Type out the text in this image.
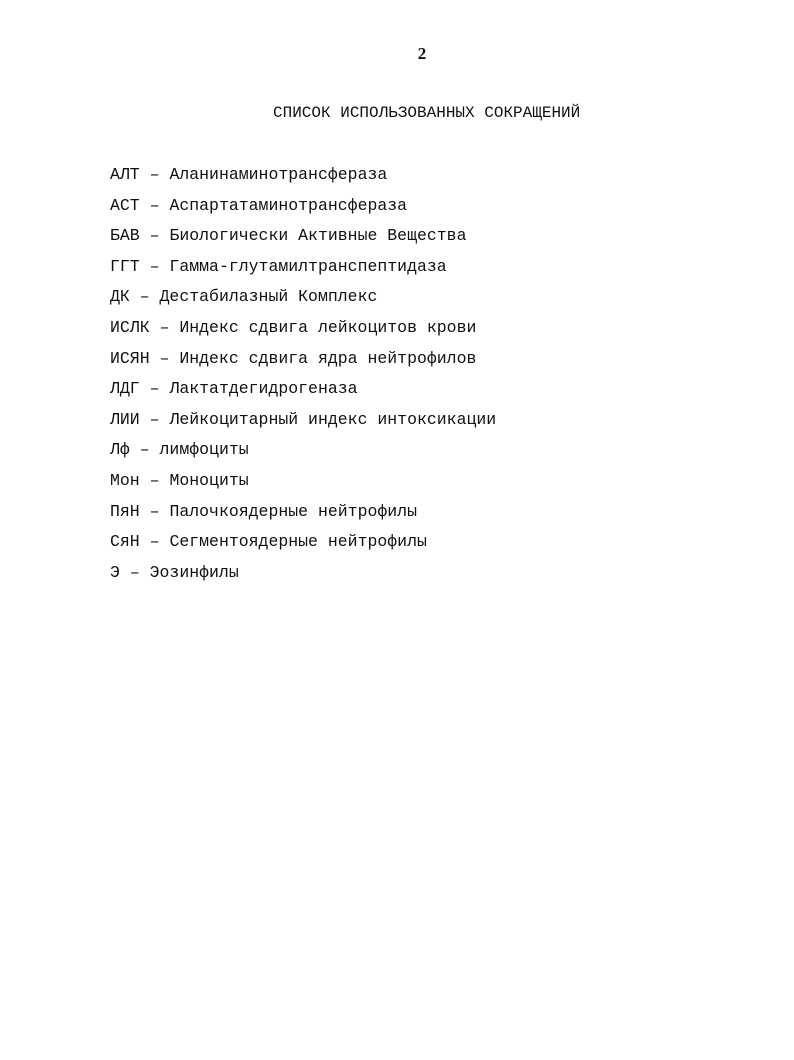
2
СПИСОК ИСПОЛЬЗОВАННЫХ СОКРАЩЕНИЙ
АЛТ – Аланинаминотрансфераза
АСТ – Аспартатаминотрансфераза
БАВ – Биологически Активные Вещества
ГГТ – Гамма-глутамилтранспептидаза
ДК – Дестабилазный Комплекс
ИСЛК – Индекс сдвига лейкоцитов крови
ИСЯН – Индекс сдвига ядра нейтрофилов
ЛДГ – Лактатдегидрогеназа
ЛИИ – Лейкоцитарный индекс интоксикации
Лф – лимфоциты
Мон – Моноциты
ПяН – Палочкоядерные нейтрофилы
СяН – Сегментоядерные нейтрофилы
Э – Эозинфилы
